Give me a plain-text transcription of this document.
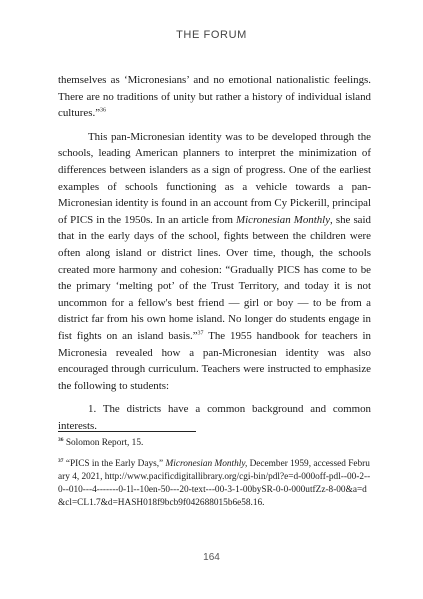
THE FORUM

themselves as ‘Micronesians’ and no emotional nationalistic feelings. There are no traditions of unity but rather a history of individual island cultures.”$^{36}$

This pan-Micronesian identity was to be developed through the schools, leading American planners to interpret the minimization of differences between islanders as a sign of progress. One of the earliest examples of schools functioning as a vehicle towards a pan-Micronesian identity is found in an account from Cy Pickerill, principal of PICS in the 1950s. In an article from Micronesian Monthly, she said that in the early days of the school, fights between the children were often along island or district lines. Over time, though, the schools created more harmony and cohesion: “Gradually PICS has come to be the primary ‘melting pot’ of the Trust Territory, and today it is not uncommon for a fellow's best friend — girl or boy — to be from a district far from his own home island. No longer do students engage in fist fights on an island basis.”$^{37}$ The 1955 handbook for teachers in Micronesia revealed how a pan-Micronesian identity was also encouraged through curriculum. Teachers were instructed to emphasize the following to students:

1. The districts have a common background and common interests.

$^{36}$ Solomon Report, 15.
$^{37}$ “PICS in the Early Days,” Micronesian Monthly, December 1959, accessed February 4, 2021, http://www.pacificdigitallibrary.org/cgi-bin/pdl?e=d-000off-pdl--00-2--0--010---4-------0-1l--10en-50---20-text---00-3-1-00bySR-0-0-000utfZz-8-00&a=d&cl=CL1.7&d=HASH018f9bcb9f042688015b6e58.16.
164
